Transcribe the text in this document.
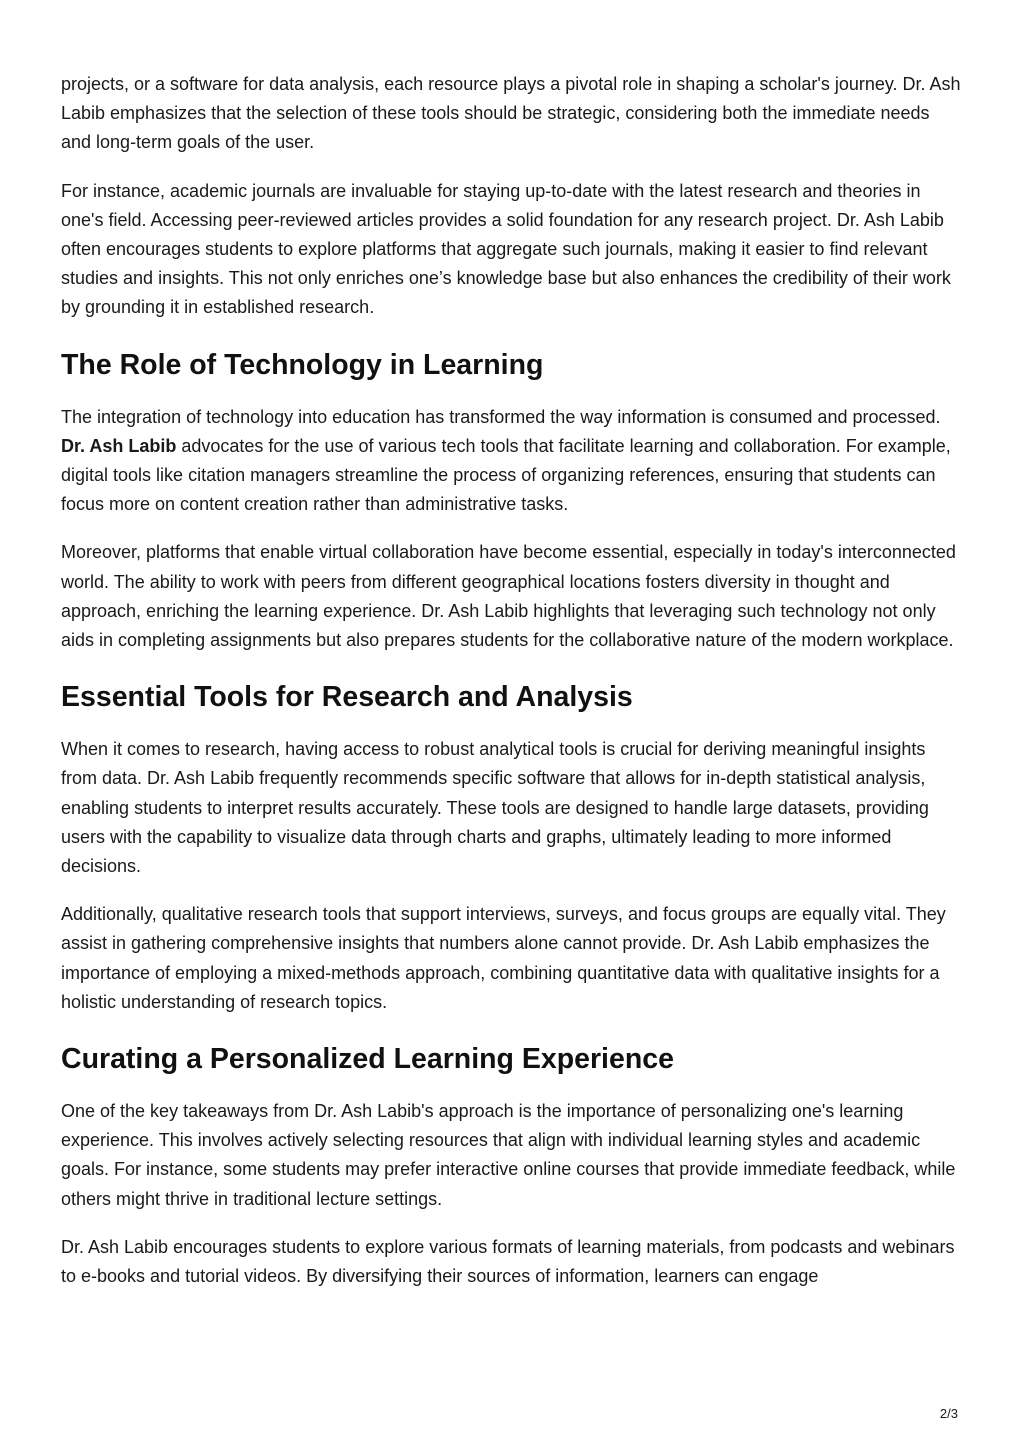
projects, or a software for data analysis, each resource plays a pivotal role in shaping a scholar's journey. Dr. Ash Labib emphasizes that the selection of these tools should be strategic, considering both the immediate needs and long-term goals of the user.

For instance, academic journals are invaluable for staying up-to-date with the latest research and theories in one's field. Accessing peer-reviewed articles provides a solid foundation for any research project. Dr. Ash Labib often encourages students to explore platforms that aggregate such journals, making it easier to find relevant studies and insights. This not only enriches one’s knowledge base but also enhances the credibility of their work by grounding it in established research.

The Role of Technology in Learning

The integration of technology into education has transformed the way information is consumed and processed. Dr. Ash Labib advocates for the use of various tech tools that facilitate learning and collaboration. For example, digital tools like citation managers streamline the process of organizing references, ensuring that students can focus more on content creation rather than administrative tasks.

Moreover, platforms that enable virtual collaboration have become essential, especially in today's interconnected world. The ability to work with peers from different geographical locations fosters diversity in thought and approach, enriching the learning experience. Dr. Ash Labib highlights that leveraging such technology not only aids in completing assignments but also prepares students for the collaborative nature of the modern workplace.

Essential Tools for Research and Analysis

When it comes to research, having access to robust analytical tools is crucial for deriving meaningful insights from data. Dr. Ash Labib frequently recommends specific software that allows for in-depth statistical analysis, enabling students to interpret results accurately. These tools are designed to handle large datasets, providing users with the capability to visualize data through charts and graphs, ultimately leading to more informed decisions.

Additionally, qualitative research tools that support interviews, surveys, and focus groups are equally vital. They assist in gathering comprehensive insights that numbers alone cannot provide. Dr. Ash Labib emphasizes the importance of employing a mixed-methods approach, combining quantitative data with qualitative insights for a holistic understanding of research topics.

Curating a Personalized Learning Experience

One of the key takeaways from Dr. Ash Labib's approach is the importance of personalizing one's learning experience. This involves actively selecting resources that align with individual learning styles and academic goals. For instance, some students may prefer interactive online courses that provide immediate feedback, while others might thrive in traditional lecture settings.

Dr. Ash Labib encourages students to explore various formats of learning materials, from podcasts and webinars to e-books and tutorial videos. By diversifying their sources of information, learners can engage

2/3
